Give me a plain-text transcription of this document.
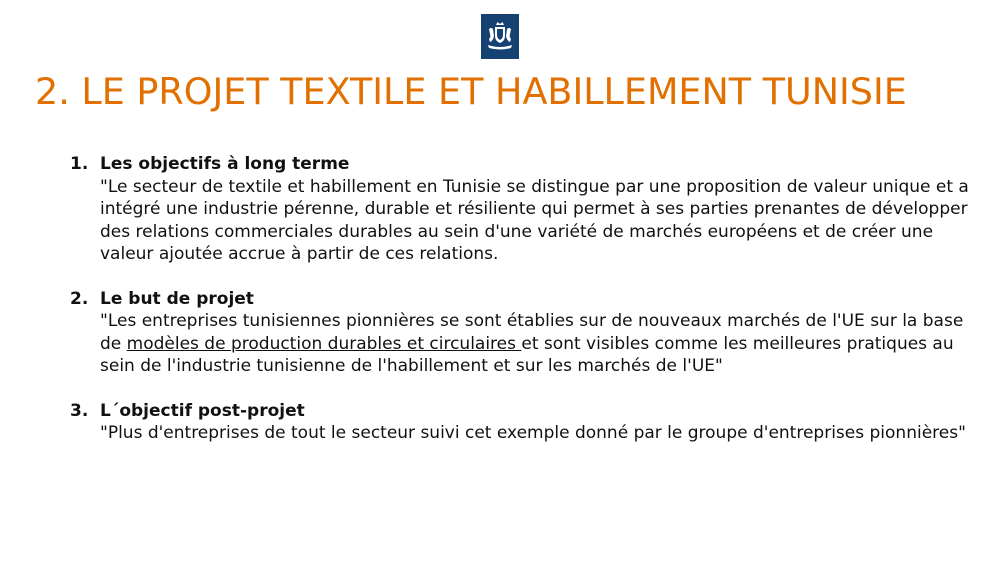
2. LE PROJET TEXTILE ET HABILLEMENT TUNISIE
1. Les objectifs à long terme
"Le secteur de textile et habillement en Tunisie se distingue par une proposition de valeur unique et a intégré une industrie pérenne, durable et résiliente qui permet à ses parties prenantes de développer des relations commerciales durables au sein d'une variété de marchés européens et de créer une valeur ajoutée accrue à partir de ces relations.
2. Le but de projet
"Les entreprises tunisiennes pionnières se sont établies sur de nouveaux marchés de l'UE sur la base de modèles de production durables et circulaires et sont visibles comme les meilleures pratiques au sein de l'industrie tunisienne de l'habillement et sur les marchés de l'UE"
3. L´objectif post-projet
"Plus d'entreprises de tout le secteur suivi cet exemple donné par le groupe d'entreprises pionnières"
